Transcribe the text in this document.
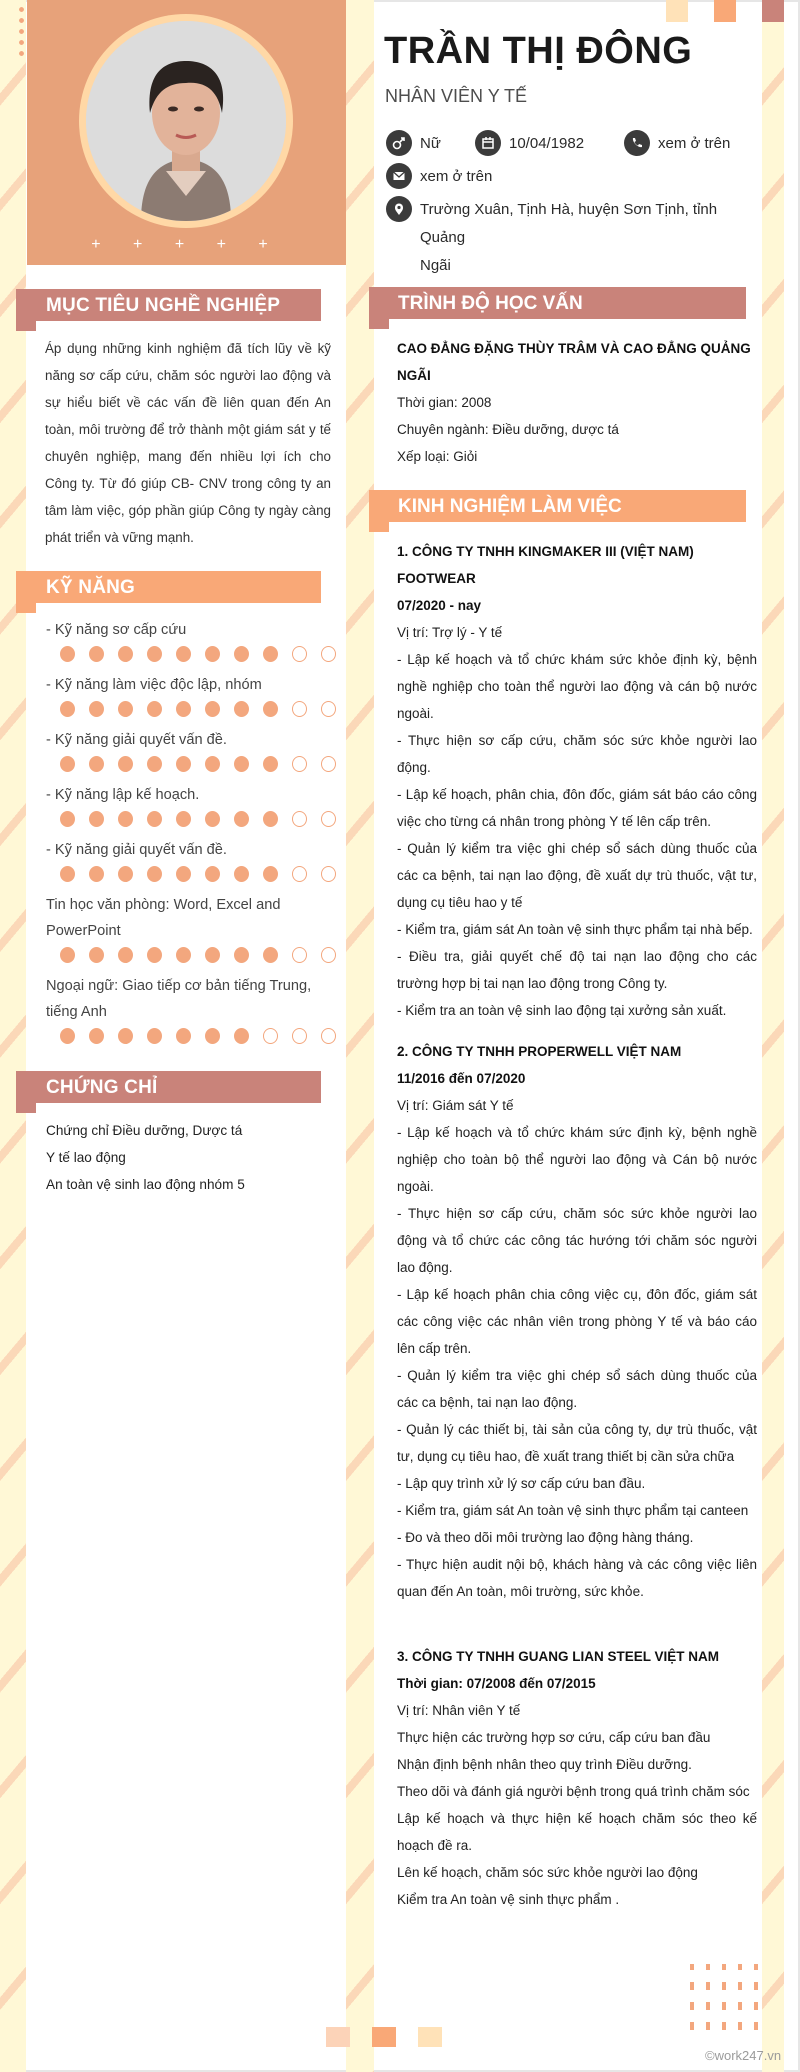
+ + + + +
TRẦN THỊ ĐÔNG
NHÂN VIÊN Y TẾ
Nữ	10/04/1982	xem ở trên
xem ở trên
Trường Xuân, Tịnh Hà, huyện Sơn Tịnh, tỉnh Quảng
Ngãi
MỤC TIÊU NGHỀ NGHIỆP

Áp dụng những kinh nghiệm đã tích lũy về kỹ năng sơ cấp cứu, chăm sóc người lao động và sự hiểu biết về các vấn đề liên quan đến An toàn, môi trường để trở thành một giám sát y tế chuyên nghiệp, mang đến nhiều lợi ích cho Công ty. Từ đó giúp CB- CNV trong công ty an tâm làm việc, góp phần giúp Công ty ngày càng phát triển và vững mạnh.

KỸ NĂNG
- Kỹ năng sơ cấp cứu
- Kỹ năng làm việc độc lập, nhóm
- Kỹ năng giải quyết vấn đề.
- Kỹ năng lập kế hoạch.
- Kỹ năng giải quyết vấn đề.
Tin học văn phòng: Word, Excel and PowerPoint
Ngoại ngữ: Giao tiếp cơ bản tiếng Trung, tiếng Anh
CHỨNG CHỈ
Chứng chỉ Điều dưỡng, Dược tá
Y tế lao động
An toàn vệ sinh lao động nhóm 5
TRÌNH ĐỘ HỌC VẤN
CAO ĐẲNG ĐẶNG THÙY TRÂM VÀ CAO ĐẲNG QUẢNG NGÃI
Thời gian: 2008
Chuyên ngành: Điều dưỡng, dược tá
Xếp loại: Giỏi
KINH NGHIỆM LÀM VIỆC
1. CÔNG TY TNHH KINGMAKER III (VIỆT NAM) FOOTWEAR
07/2020 - nay
Vị trí: Trợ lý - Y tế
- Lập kế hoạch và tổ chức khám sức khỏe định kỳ, bệnh nghề nghiệp cho toàn thể người lao động và cán bộ nước ngoài.
- Thực hiện sơ cấp cứu, chăm sóc sức khỏe người lao động.
- Lập kế hoạch, phân chia, đôn đốc, giám sát báo cáo công việc cho từng cá nhân trong phòng Y tế lên cấp trên.
- Quản lý kiểm tra việc ghi chép sổ sách dùng thuốc của các ca bệnh, tai nạn lao động, đề xuất dự trù thuốc, vật tư, dụng cụ tiêu hao y tế
- Kiểm tra, giám sát An toàn vệ sinh thực phẩm tại nhà bếp.
- Điều tra, giải quyết chế độ tai nạn lao động cho các trường hợp bị tai nạn lao động trong Công ty.
- Kiểm tra an toàn vệ sinh lao động tại xưởng sản xuất.
2. CÔNG TY TNHH PROPERWELL VIỆT NAM
11/2016 đến 07/2020
Vị trí: Giám sát Y tế
- Lập kế hoạch và tổ chức khám sức định kỳ, bệnh nghề nghiệp cho toàn bộ thể người lao động và Cán bộ nước ngoài.
- Thực hiện sơ cấp cứu, chăm sóc sức khỏe người lao động và tổ chức các công tác hướng tới chăm sóc người lao động.
- Lập kế hoạch phân chia công việc cụ, đôn đốc, giám sát các công việc các nhân viên trong phòng Y tế và báo cáo lên cấp trên.
- Quản lý kiểm tra việc ghi chép sổ sách dùng thuốc của các ca bệnh, tai nạn lao động.
- Quản lý các thiết bị, tài sản của công ty, dự trù thuốc, vật tư, dụng cụ tiêu hao, đề xuất trang thiết bị cần sửa chữa
- Lập quy trình xử lý sơ cấp cứu ban đầu.
- Kiểm tra, giám sát An toàn vệ sinh thực phẩm tại canteen
- Đo và theo dõi môi trường lao động hàng tháng.
- Thực hiện audit nội bộ, khách hàng và các công việc liên quan đến An toàn, môi trường, sức khỏe.
3. CÔNG TY TNHH GUANG LIAN STEEL VIỆT NAM
Thời gian: 07/2008 đến 07/2015
Vị trí: Nhân viên Y tế
Thực hiện các trường hợp sơ cứu, cấp cứu ban đầu
Nhận định bệnh nhân theo quy trình Điều dưỡng.
Theo dõi và đánh giá người bệnh trong quá trình chăm sóc
Lập kế hoạch và thực hiện kế hoạch chăm sóc theo kế hoạch đề ra.
Lên kế hoạch, chăm sóc sức khỏe người lao động
Kiểm tra An toàn vệ sinh thực phẩm .
©work247.vn
